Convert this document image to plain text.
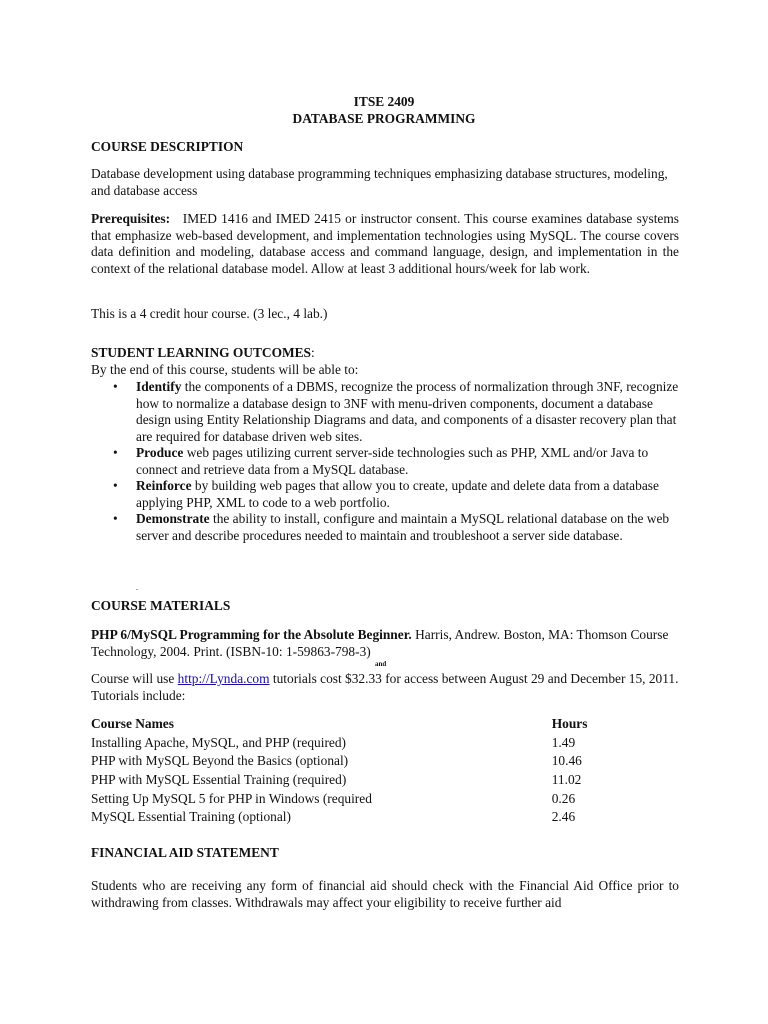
ITSE 2409
DATABASE PROGRAMMING
COURSE DESCRIPTION
Database development using database programming techniques emphasizing database structures, modeling, and database access
Prerequisites: IMED 1416 and IMED 2415 or instructor consent. This course examines database systems that emphasize web-based development, and implementation technologies using MySQL. The course covers data definition and modeling, database access and command language, design, and implementation in the context of the relational database model. Allow at least 3 additional hours/week for lab work.
This is a 4 credit hour course. (3 lec., 4 lab.)
STUDENT LEARNING OUTCOMES:
By the end of this course, students will be able to:
• Identify the components of a DBMS, recognize the process of normalization through 3NF, recognize how to normalize a database design to 3NF with menu-driven components, document a database design using Entity Relationship Diagrams and data, and components of a disaster recovery plan that are required for database driven web sites.
• Produce web pages utilizing current server-side technologies such as PHP, XML and/or Java to connect and retrieve data from a MySQL database.
• Reinforce by building web pages that allow you to create, update and delete data from a database applying PHP, XML to code to a web portfolio.
• Demonstrate the ability to install, configure and maintain a MySQL relational database on the web server and describe procedures needed to maintain and troubleshoot a server side database.
.
COURSE MATERIALS
PHP 6/MySQL Programming for the Absolute Beginner. Harris, Andrew. Boston, MA: Thomson Course Technology, 2004. Print. (ISBN-10: 1-59863-798-3)
and
Course will use http://Lynda.com tutorials cost $32.33 for access between August 29 and December 15, 2011. Tutorials include:
Course Names	Hours
Installing Apache, MySQL, and PHP (required)	1.49
PHP with MySQL Beyond the Basics (optional)	10.46
PHP with MySQL Essential Training (required)	11.02
Setting Up MySQL 5 for PHP in Windows (required	0.26
MySQL Essential Training (optional)	2.46
FINANCIAL AID STATEMENT
Students who are receiving any form of financial aid should check with the Financial Aid Office prior to withdrawing from classes. Withdrawals may affect your eligibility to receive further aid
